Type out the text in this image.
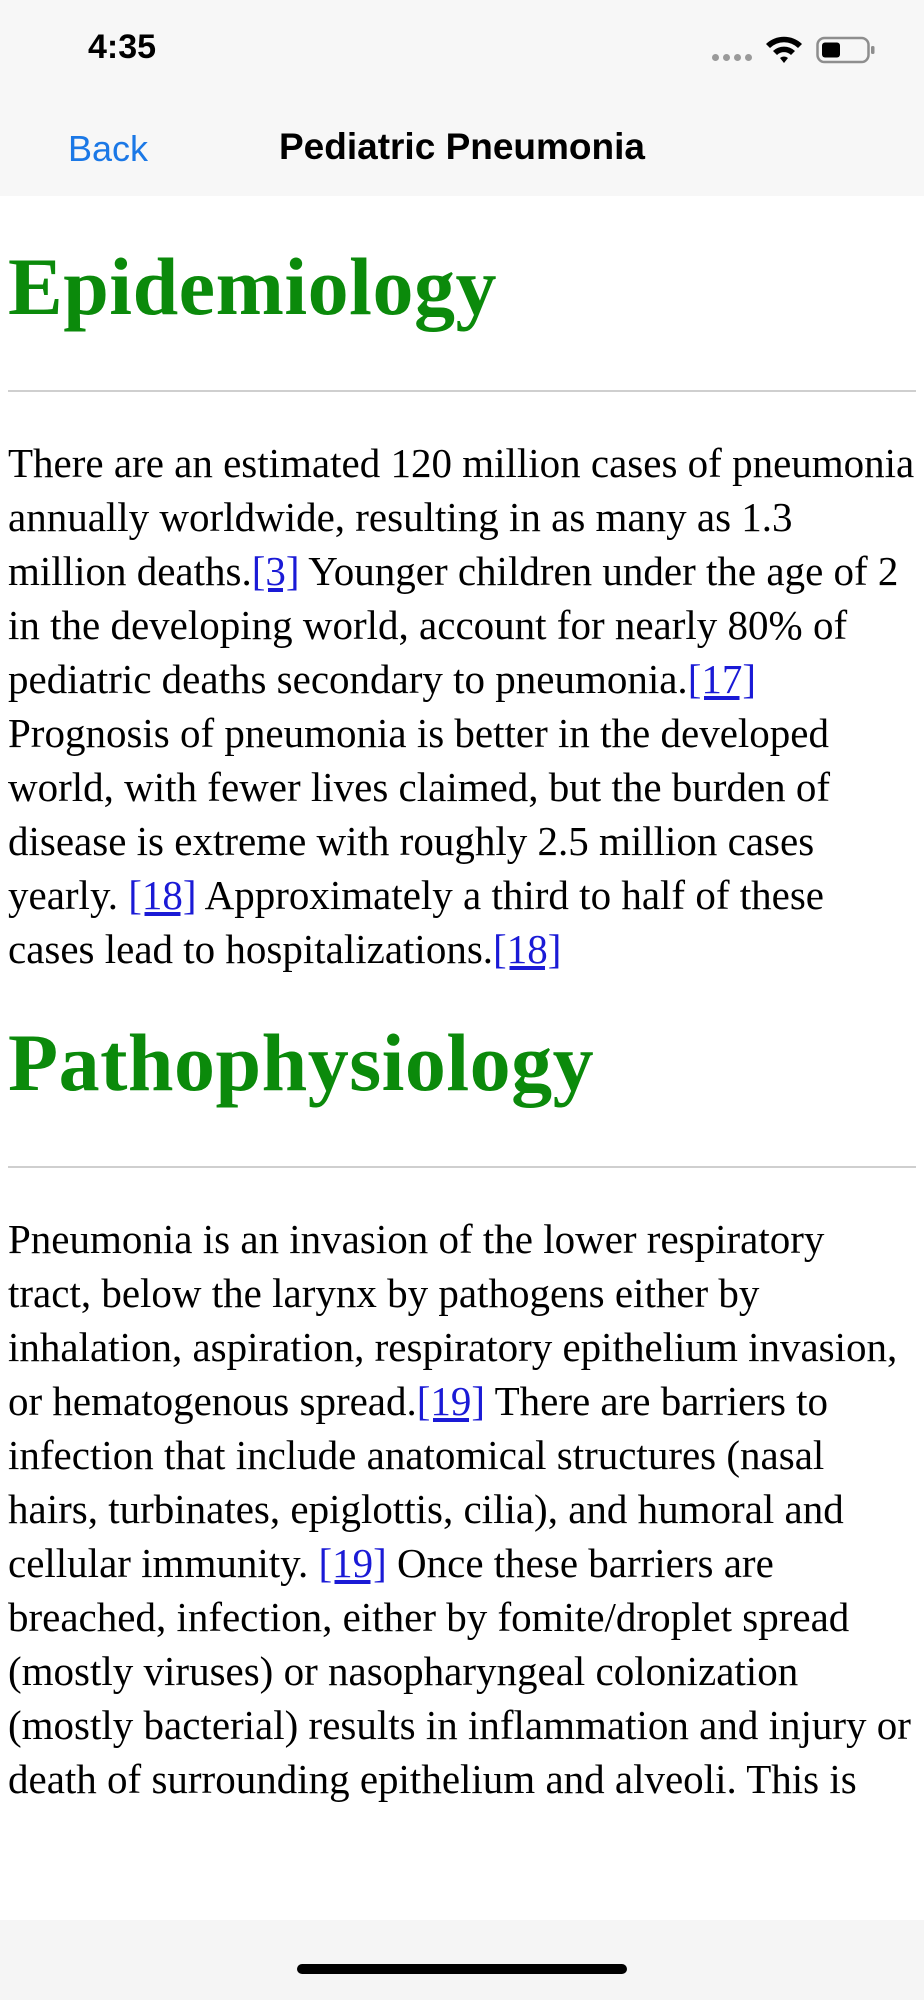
4:35
Back	Pediatric Pneumonia
Epidemiology

There are an estimated 120 million cases of pneumonia annually worldwide, resulting in as many as 1.3 million deaths.[3] Younger children under the age of 2 in the developing world, account for nearly 80% of pediatric deaths secondary to pneumonia.[17] Prognosis of pneumonia is better in the developed world, with fewer lives claimed, but the burden of disease is extreme with roughly 2.5 million cases yearly. [18] Approximately a third to half of these cases lead to hospitalizations.[18]

Pathophysiology

Pneumonia is an invasion of the lower respiratory tract, below the larynx by pathogens either by inhalation, aspiration, respiratory epithelium invasion, or hematogenous spread.[19] There are barriers to infection that include anatomical structures (nasal hairs, turbinates, epiglottis, cilia), and humoral and cellular immunity. [19] Once these barriers are breached, infection, either by fomite/droplet spread (mostly viruses) or nasopharyngeal colonization (mostly bacterial) results in inflammation and injury or death of surrounding epithelium and alveoli. This is
